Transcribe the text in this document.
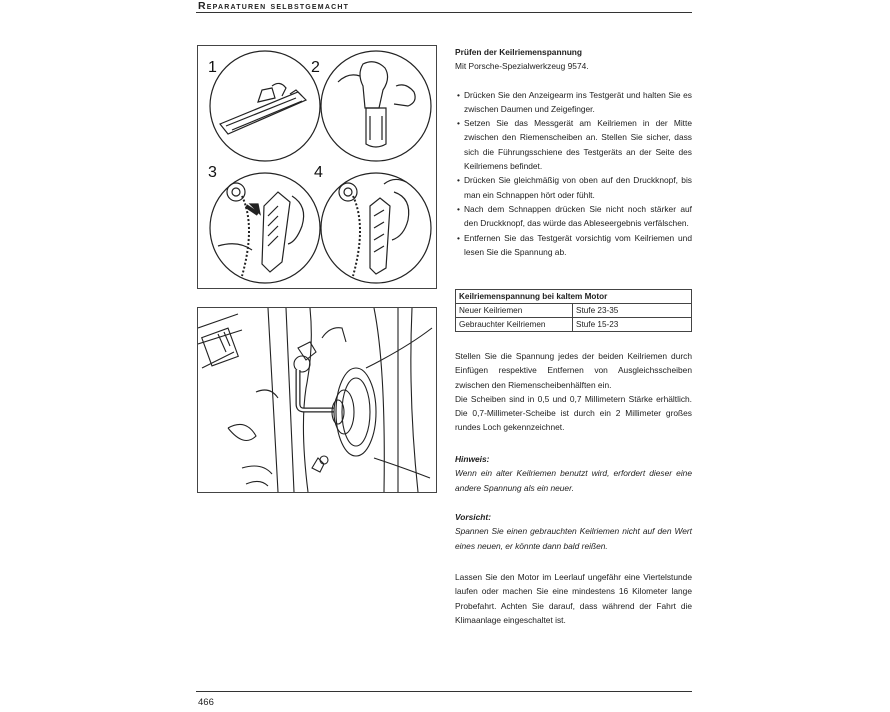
Reparaturen selbstgemacht
1	2
3	4
Prüfen der Keilriemenspannung
Mit Porsche-Spezialwerkzeug 9574.
• Drücken Sie den Anzeigearm ins Testgerät und halten Sie es zwischen Daumen und Zeigefinger.
• Setzen Sie das Messgerät am Keilriemen in der Mitte zwischen den Riemenscheiben an. Stellen Sie sicher, dass sich die Führungsschiene des Testgeräts an der Seite des Keilriemens befindet.
• Drücken Sie gleichmäßig von oben auf den Druckknopf, bis man ein Schnappen hört oder fühlt.
• Nach dem Schnappen drücken Sie nicht noch stärker auf den Druckknopf, das würde das Ableseergebnis verfälschen.
• Entfernen Sie das Testgerät vorsichtig vom Keilriemen und lesen Sie die Spannung ab.
Keilriemenspannung bei kaltem Motor	
Neuer Keilriemen	Stufe 23-35
Gebrauchter Keilriemen	Stufe 15-23
Stellen Sie die Spannung jedes der beiden Keilriemen durch Einfügen respektive Entfernen von Ausgleichsscheiben zwischen den Riemenscheibenhälften ein.
Die Scheiben sind in 0,5 und 0,7 Millimetern Stärke erhältlich. Die 0,7-Millimeter-Scheibe ist durch ein 2 Millimeter großes rundes Loch gekennzeichnet.
Hinweis:
Wenn ein alter Keilriemen benutzt wird, erfordert dieser eine andere Spannung als ein neuer.
Vorsicht:
Spannen Sie einen gebrauchten Keilriemen nicht auf den Wert eines neuen, er könnte dann bald reißen.
Lassen Sie den Motor im Leerlauf ungefähr eine Viertelstunde laufen oder machen Sie eine mindestens 16 Kilometer lange Probefahrt. Achten Sie darauf, dass während der Fahrt die Klimaanlage eingeschaltet ist.
466
